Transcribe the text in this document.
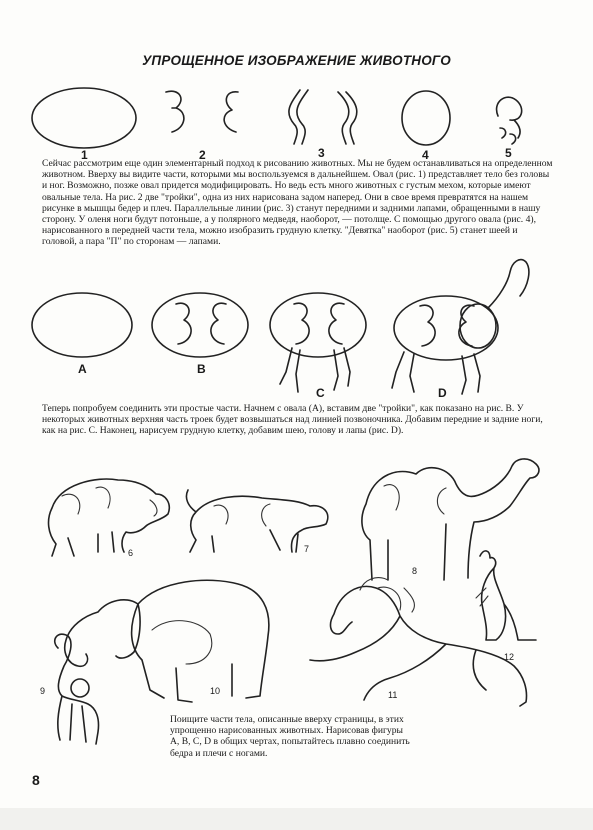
УПРОЩЕННОЕ ИЗОБРАЖЕНИЕ ЖИВОТНОГО
1	2	3	4	5

Сейчас рассмотрим еще один элементарный подход к рисованию животных. Мы не будем останавливаться на определенном животном. Вверху вы видите части, которыми мы воспользуемся в дальнейшем. Овал (рис. 1) представляет тело без головы и ног. Возможно, позже овал придется модифицировать. Но ведь есть много животных с густым мехом, которые имеют овальные тела. На рис. 2 две "тройки", одна из них нарисована задом наперед. Они в свое время превратятся на нашем рисунке в мышцы бедер и плеч. Параллельные линии (рис. 3) станут передними и задними лапами, обращенными в нашу сторону. У оленя ноги будут потоньше, а у полярного медведя, наоборот, — потолще. С помощью другого овала (рис. 4), нарисованного в передней части тела, можно изобразить грудную клетку. "Девятка" наоборот (рис. 5) станет шеей и головой, а пара "П" по сторонам — лапами.

A	B
C	D

Теперь попробуем соединить эти простые части. Начнем с овала (A), вставим две "тройки", как показано на рис. B. У некоторых животных верхняя часть троек будет возвышаться над линией позвоночника. Добавим передние и задние ноги, как на рис. C. Наконец, нарисуем грудную клетку, добавим шею, голову и лапы (рис. D).

6	7
8
9	10	11
12

Поищите части тела, описанные вверху страницы, в этих упрощенно нарисованных животных. Нарисовав фигуры A, B, C, D в общих чертах, попытайтесь плавно соединить бедра и плечи с ногами.

8
